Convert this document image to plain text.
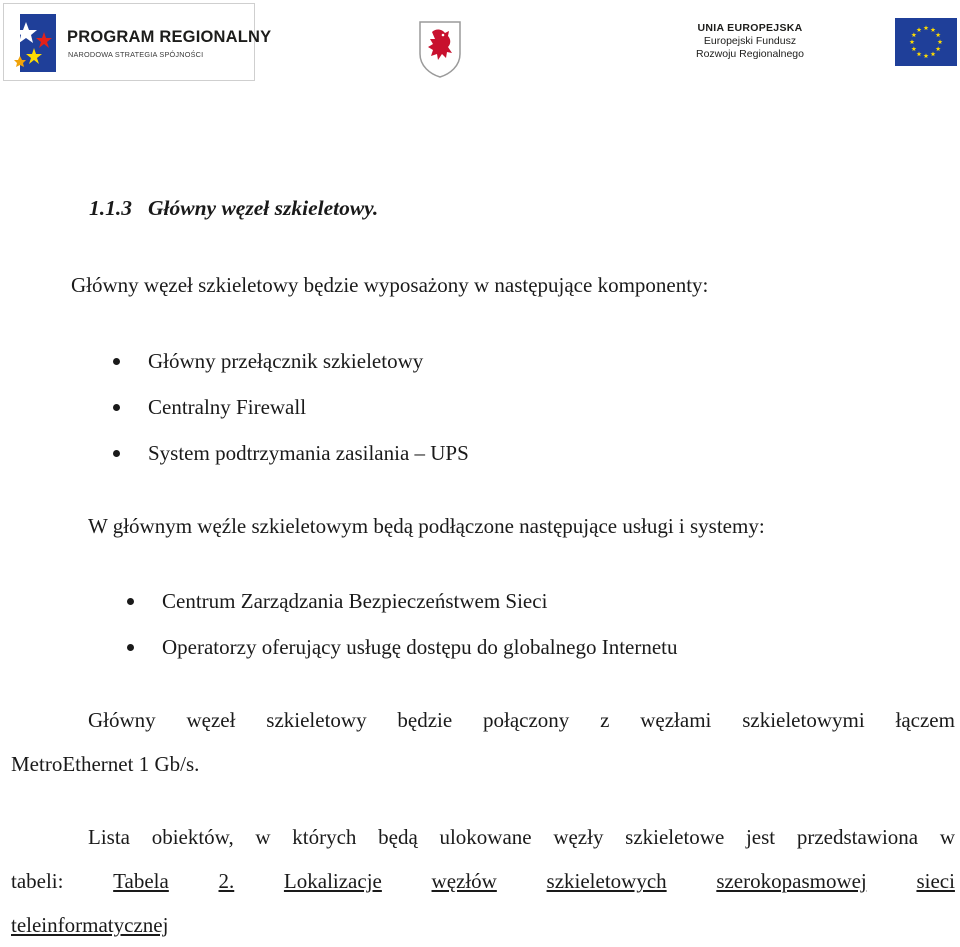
PROGRAM REGIONALNY
NARODOWA STRATEGIA SPÓJNOŚCI
UNIA EUROPEJSKA
Europejski Fundusz
Rozwoju Regionalnego
1.1.3 Główny węzeł szkieletowy.
Główny węzeł szkieletowy będzie wyposażony w następujące komponenty:
Główny przełącznik szkieletowy
Centralny Firewall
System podtrzymania zasilania – UPS
W głównym węźle szkieletowym będą podłączone następujące usługi i systemy:
Centrum Zarządzania Bezpieczeństwem Sieci
Operatorzy oferujący usługę dostępu do globalnego Internetu
Główny węzeł szkieletowy będzie połączony z węzłami szkieletowymi łączem
MetroEthernet 1 Gb/s.
Lista obiektów, w których będą ulokowane węzły szkieletowe jest przedstawiona w
tabeli: Tabela 2. Lokalizacje węzłów szkieletowych szerokopasmowej sieci
teleinformatycznej
